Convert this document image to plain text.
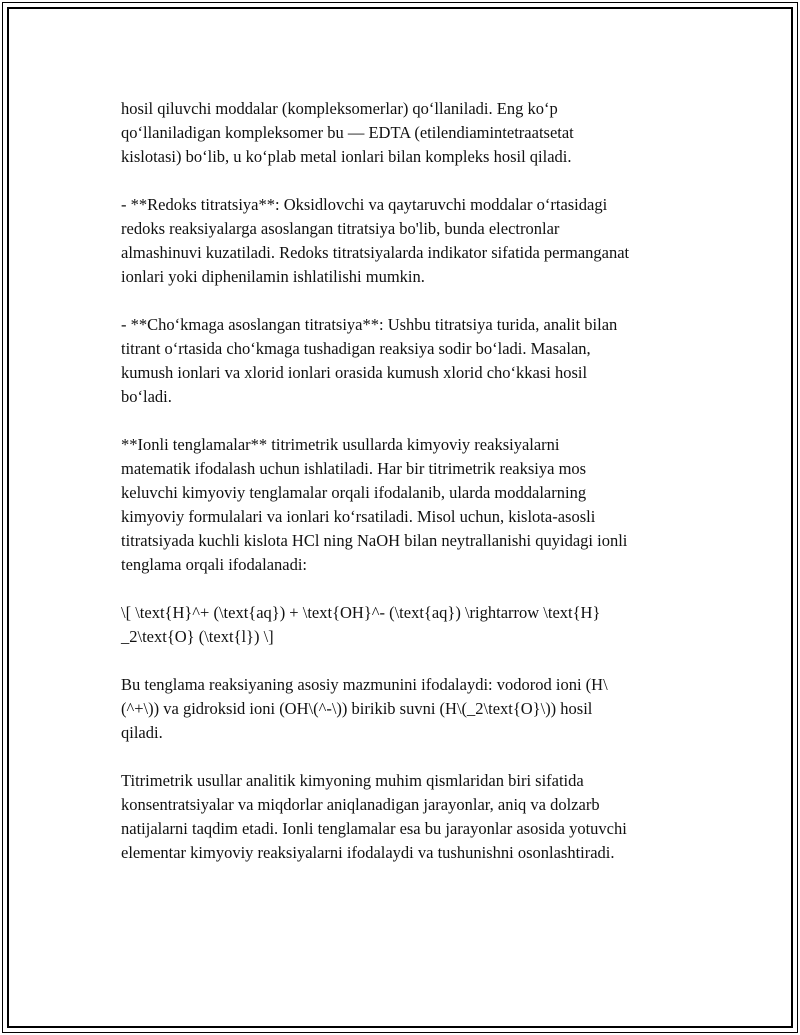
hosil qiluvchi moddalar (kompleksomerlar) qo‘llaniladi. Eng ko‘p
qo‘llaniladigan kompleksomer bu — EDTA (etilendiamintetraatsetat
kislotasi) bo‘lib, u ko‘plab metal ionlari bilan kompleks hosil qiladi.

- **Redoks titratsiya**: Oksidlovchi va qaytaruvchi moddalar o‘rtasidagi
redoks reaksiyalarga asoslangan titratsiya bo'lib, bunda electronlar
almashinuvi kuzatiladi. Redoks titratsiyalarda indikator sifatida permanganat
ionlari yoki diphenilamin ishlatilishi mumkin.

- **Cho‘kmaga asoslangan titratsiya**: Ushbu titratsiya turida, analit bilan
titrant o‘rtasida cho‘kmaga tushadigan reaksiya sodir bo‘ladi. Masalan,
kumush ionlari va xlorid ionlari orasida kumush xlorid cho‘kkasi hosil
bo‘ladi.

**Ionli tenglamalar** titrimetrik usullarda kimyoviy reaksiyalarni
matematik ifodalash uchun ishlatiladi. Har bir titrimetrik reaksiya mos
keluvchi kimyoviy tenglamalar orqali ifodalanib, ularda moddalarning
kimyoviy formulalari va ionlari ko‘rsatiladi. Misol uchun, kislota-asosli
titratsiyada kuchli kislota HCl ning NaOH bilan neytrallanishi quyidagi ionli
tenglama orqali ifodalanadi:

\[ \text{H}^+ (\text{aq}) + \text{OH}^- (\text{aq}) \rightarrow \text{H}
_2\text{O} (\text{l}) \]

Bu tenglama reaksiyaning asosiy mazmunini ifodalaydi: vodorod ioni (H\
(^+\)) va gidroksid ioni (OH\(^-\)) birikib suvni (H\(_2\text{O}\)) hosil
qiladi.

Titrimetrik usullar analitik kimyoning muhim qismlaridan biri sifatida
konsentratsiyalar va miqdorlar aniqlanadigan jarayonlar, aniq va dolzarb
natijalarni taqdim etadi. Ionli tenglamalar esa bu jarayonlar asosida yotuvchi
elementar kimyoviy reaksiyalarni ifodalaydi va tushunishni osonlashtiradi.
